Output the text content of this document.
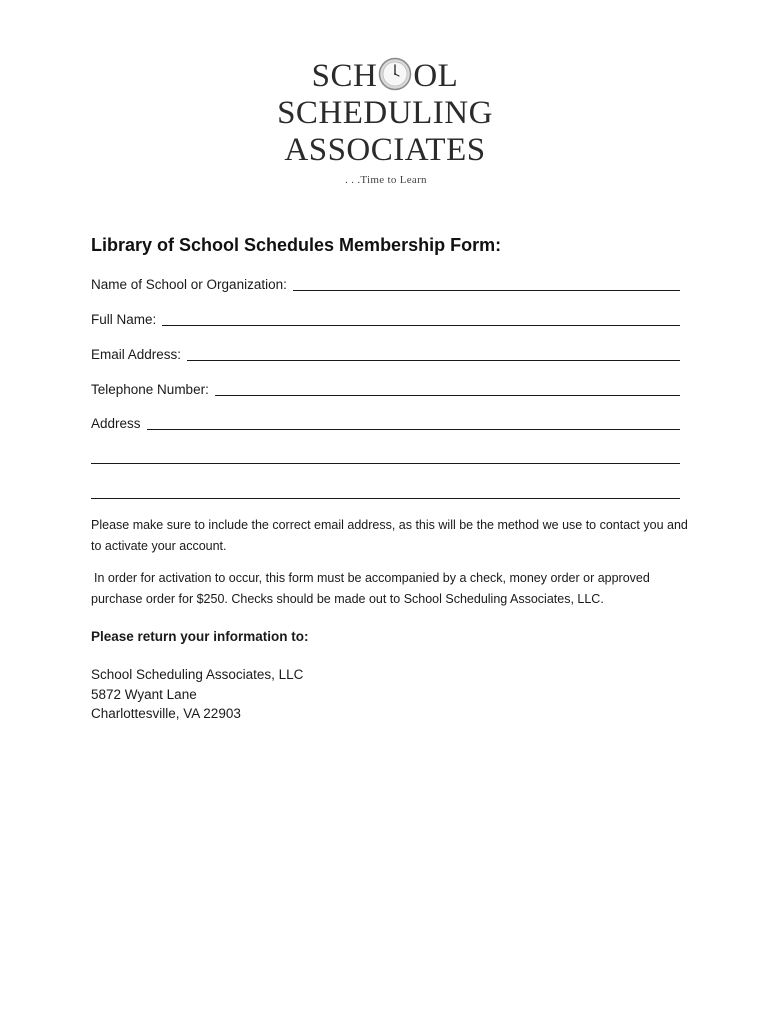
SCH OL
SCHEDULING
ASSOCIATES
. . .Time to Learn
Library of School Schedules Membership Form:
Name of School or Organization:
Full Name:
Email Address:
Telephone Number:
Address

Please make sure to include the correct email address, as this will be the method we use to contact you and to activate your account.

In order for activation to occur, this form must be accompanied by a check, money order or approved purchase order for $250. Checks should be made out to School Scheduling Associates, LLC.

Please return your information to:
School Scheduling Associates, LLC
5872 Wyant Lane
Charlottesville, VA 22903
